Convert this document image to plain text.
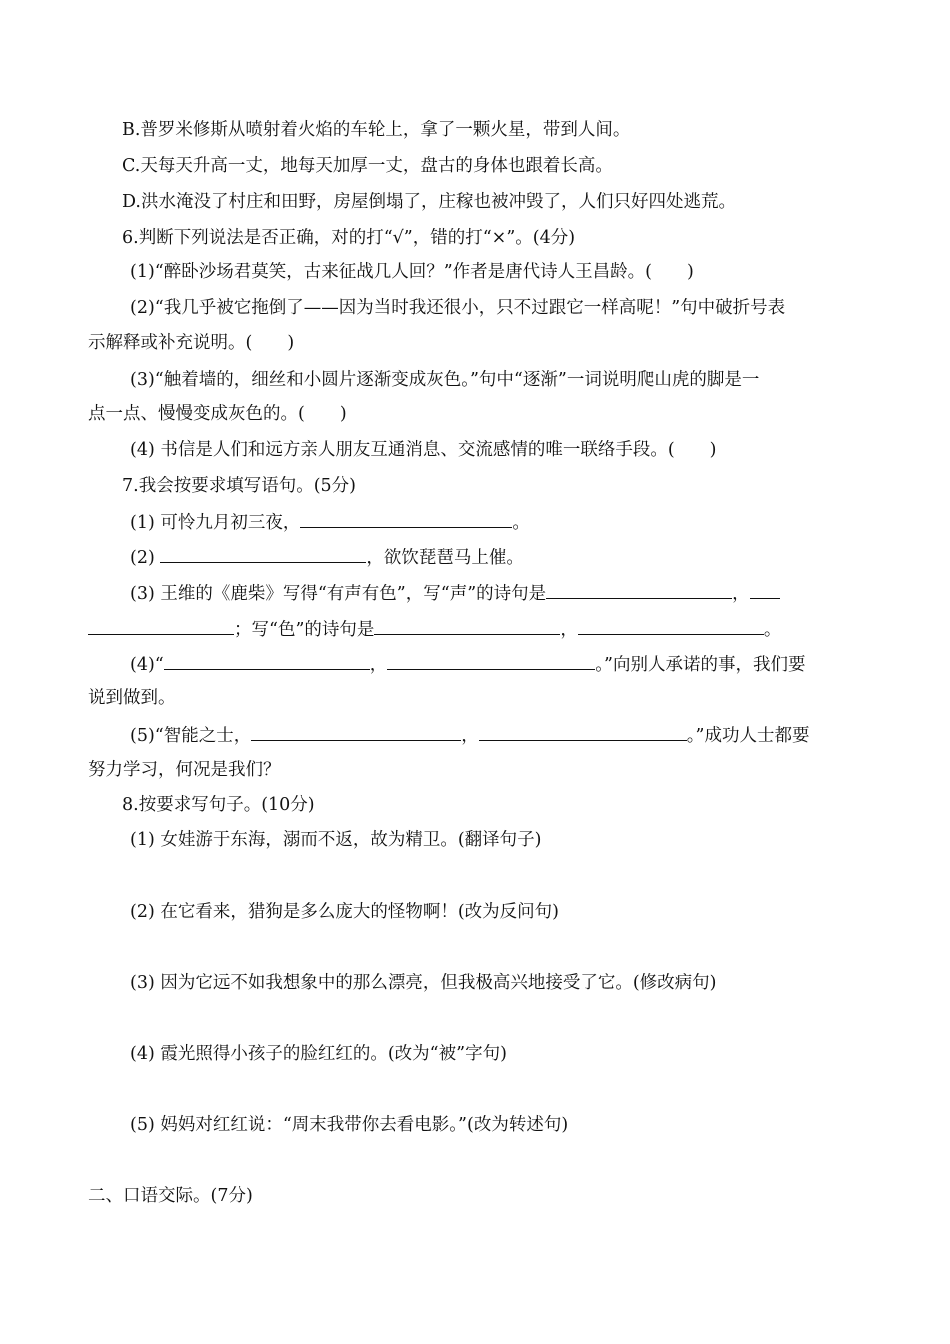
B.普罗米修斯从喷射着火焰的车轮上，拿了一颗火星，带到人间。
C.天每天升高一丈，地每天加厚一丈，盘古的身体也跟着长高。
D.洪水淹没了村庄和田野，房屋倒塌了，庄稼也被冲毁了，人们只好四处逃荒。
6.判断下列说法是否正确，对的打“√”，错的打“×”。(4分)
(1)“醉卧沙场君莫笑，古来征战几人回？”作者是唐代诗人王昌龄。(　　)
(2)“我几乎被它拖倒了——因为当时我还很小，只不过跟它一样高呢！”句中破折号表
示解释或补充说明。(　　)
(3)“触着墙的，细丝和小圆片逐渐变成灰色。”句中“逐渐”一词说明爬山虎的脚是一
点一点、慢慢变成灰色的。(　　)
(4) 书信是人们和远方亲人朋友互通消息、交流感情的唯一联络手段。(　　)
7.我会按要求填写语句。(5分)
(1) 可怜九月初三夜，	。
(2)	，欲饮琵琶马上催。
(3) 王维的《鹿柴》写得“有声有色”，写“声”的诗句是	，
；写“色”的诗句是	，	。
(4)“	，	。”向别人承诺的事，我们要
说到做到。
(5)“智能之士，	，	。”成功人士都要
努力学习，何况是我们？
8.按要求写句子。(10分)
(1) 女娃游于东海，溺而不返，故为精卫。(翻译句子)
(2) 在它看来，猎狗是多么庞大的怪物啊！(改为反问句)
(3) 因为它远不如我想象中的那么漂亮，但我极高兴地接受了它。(修改病句)
(4) 霞光照得小孩子的脸红红的。(改为“被”字句)
(5) 妈妈对红红说：“周末我带你去看电影。”(改为转述句)
二、口语交际。(7分)
